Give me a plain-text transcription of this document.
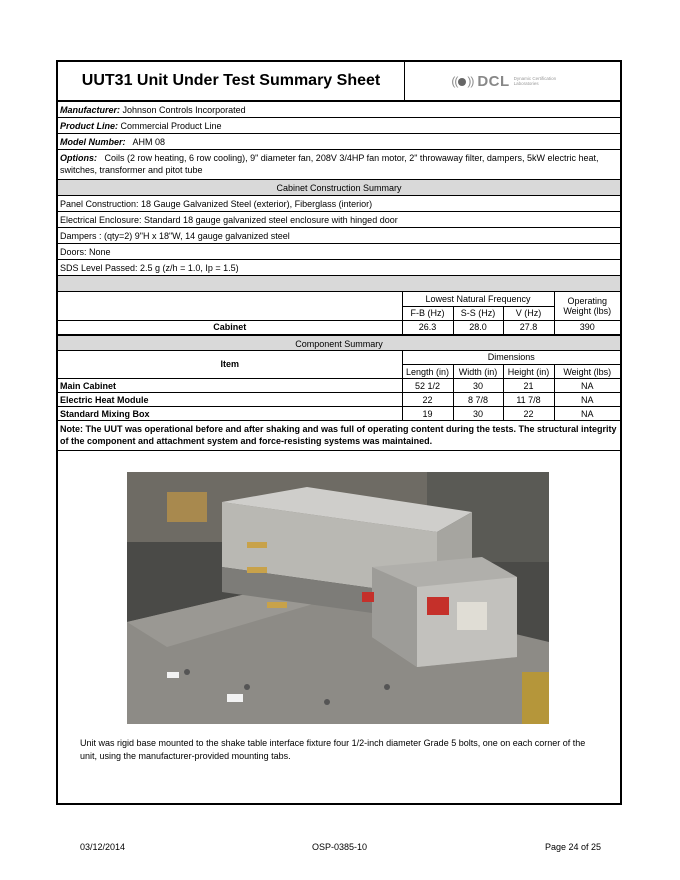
UUT31 Unit Under Test Summary Sheet	(( )) DCL Dynamic Certification Laboratories
Manufacturer: Johnson Controls Incorporated
Product Line: Commercial Product Line
Model Number: AHM 08
Options: Coils (2 row heating, 6 row cooling), 9" diameter fan, 208V 3/4HP fan motor, 2" throwaway filter, dampers, 5kW electric heat, switches, transformer and pitot tube
Cabinet Construction Summary
Panel Construction: 18 Gauge Galvanized Steel (exterior), Fiberglass (interior)
Electrical Enclosure: Standard 18 gauge galvanized steel enclosure with hinged door
Dampers : (qty=2) 9"H x 18"W, 14 gauge galvanized steel
Doors: None
SDS Level Passed: 2.5 g (z/h = 1.0, Ip = 1.5)
	Lowest Natural Frequency			Operating Weight (lbs)
	F-B (Hz)	S-S (Hz)	V (Hz)	
Cabinet	26.3	28.0	27.8	390
Component Summary
Item	Dimensions			
	Length (in)	Width (in)	Height (in)	Weight (lbs)
Main Cabinet	52 1/2	30	21	NA
Electric Heat Module	22	8 7/8	11 7/8	NA
Standard Mixing Box	19	30	22	NA
Note: The UUT was operational before and after shaking and was full of operating content during the tests. The structural integrity of the component and attachment system and force-resisting systems was maintained.
Unit was rigid base mounted to the shake table interface fixture four 1/2-inch diameter Grade 5 bolts, one on each corner of the unit, using the manufacturer-provided mounting tabs.
03/12/2014	OSP-0385-10	Page 24 of 25
